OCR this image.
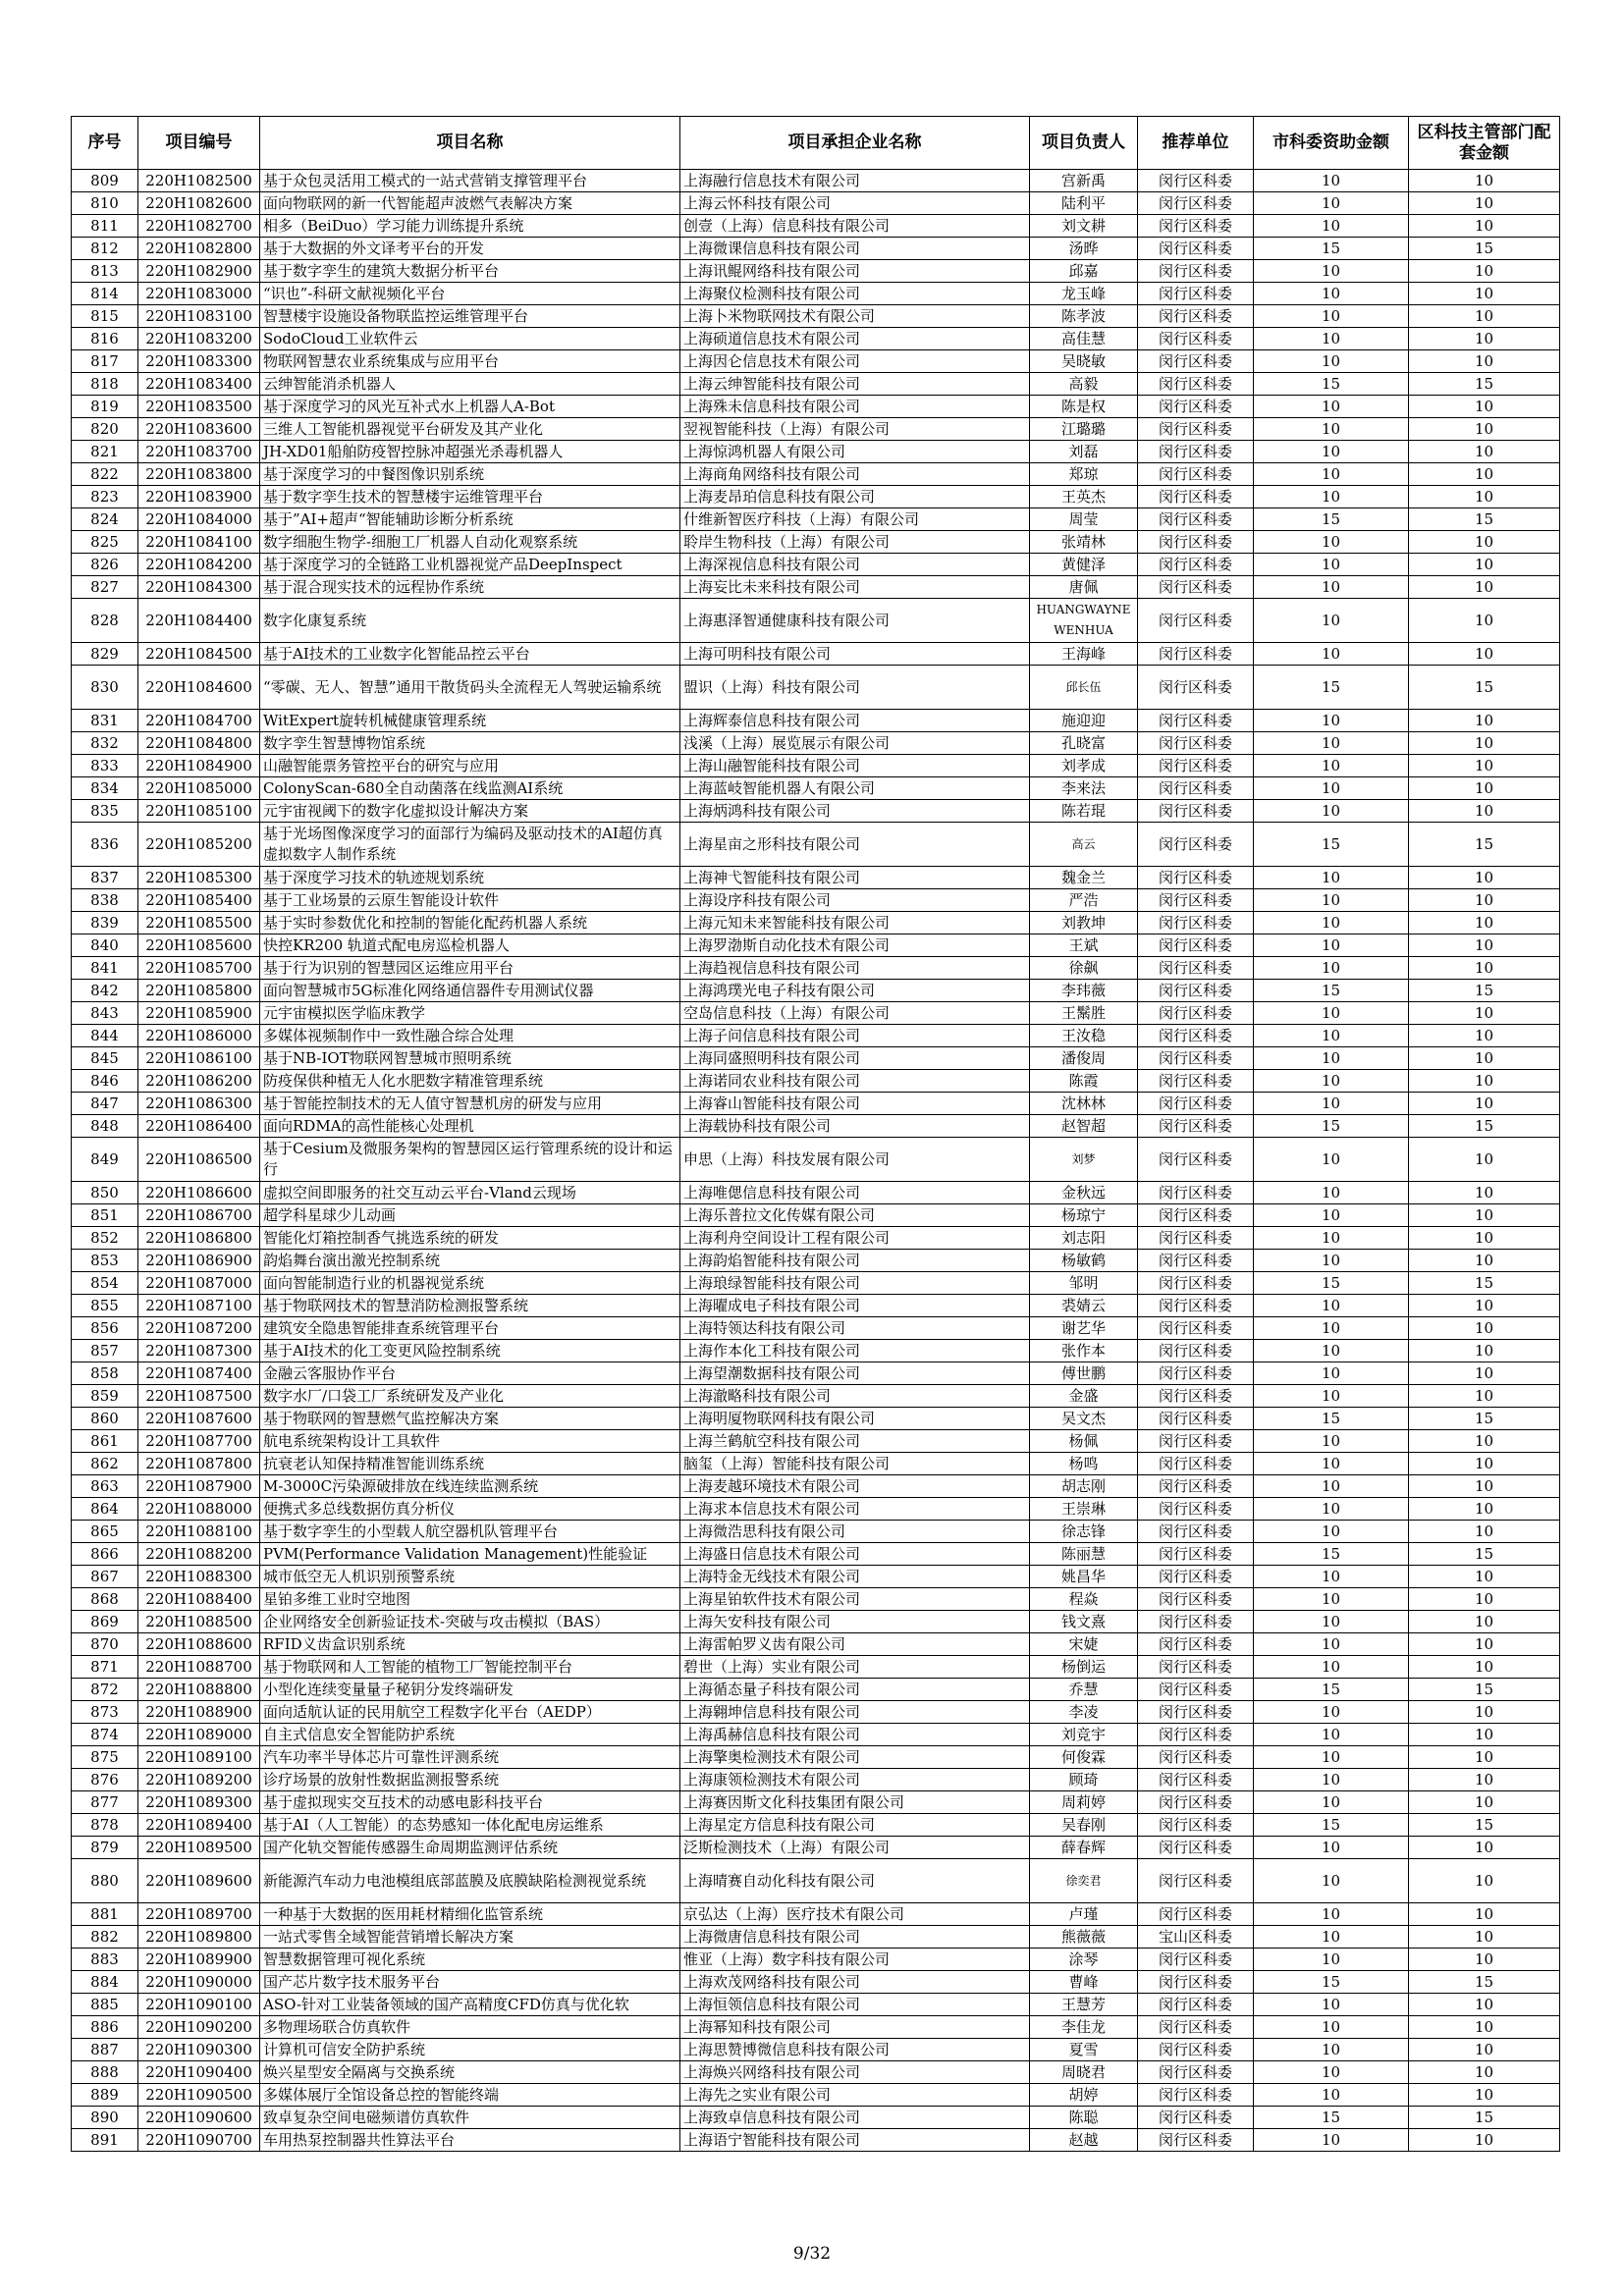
序号	项目编号	项目名称	项目承担企业名称	项目负责人	推荐单位	市科委资助金额	区科技主管部门配套金额
809	220H1082500	基于众包灵活用工模式的一站式营销支撑管理平台	上海融行信息技术有限公司	宫新禹	闵行区科委	10	10
810	220H1082600	面向物联网的新一代智能超声波燃气表解决方案	上海云怀科技有限公司	陆利平	闵行区科委	10	10
811	220H1082700	相多（BeiDuo）学习能力训练提升系统	创壹（上海）信息科技有限公司	刘文耕	闵行区科委	10	10
812	220H1082800	基于大数据的外文译考平台的开发	上海微课信息科技有限公司	汤晔	闵行区科委	15	15
813	220H1082900	基于数字孪生的建筑大数据分析平台	上海讯鲲网络科技有限公司	邱嘉	闵行区科委	10	10
814	220H1083000	“识也”-科研文献视频化平台	上海聚仪检测科技有限公司	龙玉峰	闵行区科委	10	10
815	220H1083100	智慧楼宇设施设备物联监控运维管理平台	上海卜米物联网技术有限公司	陈孝波	闵行区科委	10	10
816	220H1083200	SodoCloud工业软件云	上海硕道信息技术有限公司	高佳慧	闵行区科委	10	10
817	220H1083300	物联网智慧农业系统集成与应用平台	上海因仑信息技术有限公司	吴晓敏	闵行区科委	10	10
818	220H1083400	云绅智能消杀机器人	上海云绅智能科技有限公司	高毅	闵行区科委	15	15
819	220H1083500	基于深度学习的风光互补式水上机器人A-Bot	上海殊未信息科技有限公司	陈是权	闵行区科委	10	10
820	220H1083600	三维人工智能机器视觉平台研发及其产业化	翌视智能科技（上海）有限公司	江璐璐	闵行区科委	10	10
821	220H1083700	JH-XD01船舶防疫智控脉冲超强光杀毒机器人	上海惊鸿机器人有限公司	刘磊	闵行区科委	10	10
822	220H1083800	基于深度学习的中餐图像识别系统	上海商角网络科技有限公司	郑琼	闵行区科委	10	10
823	220H1083900	基于数字孪生技术的智慧楼宇运维管理平台	上海麦昂珀信息科技有限公司	王英杰	闵行区科委	10	10
824	220H1084000	基于”AI+超声“智能辅助诊断分析系统	什维新智医疗科技（上海）有限公司	周莹	闵行区科委	15	15
825	220H1084100	数字细胞生物学-细胞工厂机器人自动化观察系统	聆岸生物科技（上海）有限公司	张靖林	闵行区科委	10	10
826	220H1084200	基于深度学习的全链路工业机器视觉产品DeepInspect	上海深视信息科技有限公司	黄健泽	闵行区科委	10	10
827	220H1084300	基于混合现实技术的远程协作系统	上海妄比未来科技有限公司	唐佩	闵行区科委	10	10
828	220H1084400	数字化康复系统	上海惠泽智通健康科技有限公司	HUANGWAYNEWENHUA	闵行区科委	10	10
829	220H1084500	基于AI技术的工业数字化智能品控云平台	上海可明科技有限公司	王海峰	闵行区科委	10	10
830	220H1084600	“零碳、无人、智慧”通用干散货码头全流程无人驾驶运输系统	盟识（上海）科技有限公司	邱长伍	闵行区科委	15	15
831	220H1084700	WitExpert旋转机械健康管理系统	上海辉泰信息科技有限公司	施迎迎	闵行区科委	10	10
832	220H1084800	数字孪生智慧博物馆系统	浅溪（上海）展览展示有限公司	孔晓富	闵行区科委	10	10
833	220H1084900	山融智能票务管控平台的研究与应用	上海山融智能科技有限公司	刘孝成	闵行区科委	10	10
834	220H1085000	ColonyScan-680全自动菌落在线监测AI系统	上海蓝岐智能机器人有限公司	李来法	闵行区科委	10	10
835	220H1085100	元宇宙视阈下的数字化虚拟设计解决方案	上海炳鸿科技有限公司	陈若琨	闵行区科委	10	10
836	220H1085200	基于光场图像深度学习的面部行为编码及驱动技术的AI超仿真虚拟数字人制作系统	上海星亩之形科技有限公司	高云	闵行区科委	15	15
837	220H1085300	基于深度学习技术的轨迹规划系统	上海神弋智能科技有限公司	魏金兰	闵行区科委	10	10
838	220H1085400	基于工业场景的云原生智能设计软件	上海设序科技有限公司	严浩	闵行区科委	10	10
839	220H1085500	基于实时参数优化和控制的智能化配药机器人系统	上海元知未来智能科技有限公司	刘教坤	闵行区科委	10	10
840	220H1085600	快控KR200 轨道式配电房巡检机器人	上海罗渤斯自动化技术有限公司	王斌	闵行区科委	10	10
841	220H1085700	基于行为识别的智慧园区运维应用平台	上海趋视信息科技有限公司	徐飙	闵行区科委	10	10
842	220H1085800	面向智慧城市5G标准化网络通信器件专用测试仪器	上海鸿璞光电子科技有限公司	李玮薇	闵行区科委	15	15
843	220H1085900	元宇宙模拟医学临床教学	空岛信息科技（上海）有限公司	王鬗胜	闵行区科委	10	10
844	220H1086000	多媒体视频制作中一致性融合综合处理	上海子问信息科技有限公司	王汝稳	闵行区科委	10	10
845	220H1086100	基于NB-IOT物联网智慧城市照明系统	上海同盛照明科技有限公司	潘俊周	闵行区科委	10	10
846	220H1086200	防疫保供种植无人化水肥数字精准管理系统	上海诺同农业科技有限公司	陈霞	闵行区科委	10	10
847	220H1086300	基于智能控制技术的无人值守智慧机房的研发与应用	上海睿山智能科技有限公司	沈林林	闵行区科委	10	10
848	220H1086400	面向RDMA的高性能核心处理机	上海载协科技有限公司	赵智超	闵行区科委	15	15
849	220H1086500	基于Cesium及微服务架构的智慧园区运行管理系统的设计和运行	申思（上海）科技发展有限公司	刘梦	闵行区科委	10	10
850	220H1086600	虚拟空间即服务的社交互动云平台-Vland云现场	上海唯偲信息科技有限公司	金秋远	闵行区科委	10	10
851	220H1086700	超学科星球少儿动画	上海乐普拉文化传媒有限公司	杨琼宁	闵行区科委	10	10
852	220H1086800	智能化灯箱控制香气挑选系统的研发	上海利舟空间设计工程有限公司	刘志阳	闵行区科委	10	10
853	220H1086900	韵焰舞台演出激光控制系统	上海韵焰智能科技有限公司	杨敏鹤	闵行区科委	10	10
854	220H1087000	面向智能制造行业的机器视觉系统	上海琅绿智能科技有限公司	邹明	闵行区科委	15	15
855	220H1087100	基于物联网技术的智慧消防检测报警系统	上海曜成电子科技有限公司	裘婧云	闵行区科委	10	10
856	220H1087200	建筑安全隐患智能排查系统管理平台	上海特领达科技有限公司	谢艺华	闵行区科委	10	10
857	220H1087300	基于AI技术的化工变更风险控制系统	上海作本化工科技有限公司	张作本	闵行区科委	10	10
858	220H1087400	金融云客服协作平台	上海望潮数据科技有限公司	傅世鹏	闵行区科委	10	10
859	220H1087500	数字水厂/口袋工厂系统研发及产业化	上海澈略科技有限公司	金盛	闵行区科委	10	10
860	220H1087600	基于物联网的智慧燃气监控解决方案	上海明厦物联网科技有限公司	吴文杰	闵行区科委	15	15
861	220H1087700	航电系统架构设计工具软件	上海兰鹤航空科技有限公司	杨佩	闵行区科委	10	10
862	220H1087800	抗衰老认知保持精准智能训练系统	脑玺（上海）智能科技有限公司	杨鸣	闵行区科委	10	10
863	220H1087900	M-3000C污染源破排放在线连续监测系统	上海麦越环境技术有限公司	胡志刚	闵行区科委	10	10
864	220H1088000	便携式多总线数据仿真分析仪	上海求本信息技术有限公司	王崇琳	闵行区科委	10	10
865	220H1088100	基于数字孪生的小型载人航空器机队管理平台	上海微浩思科技有限公司	徐志锋	闵行区科委	10	10
866	220H1088200	PVM(Performance Validation Management)性能验证	上海盛日信息技术有限公司	陈丽慧	闵行区科委	15	15
867	220H1088300	城市低空无人机识别预警系统	上海特金无线技术有限公司	姚昌华	闵行区科委	10	10
868	220H1088400	星铂多维工业时空地图	上海星铂软件技术有限公司	程焱	闵行区科委	10	10
869	220H1088500	企业网络安全创新验证技术-突破与攻击模拟（BAS）	上海矢安科技有限公司	钱文熹	闵行区科委	10	10
870	220H1088600	RFID义齿盒识别系统	上海雷帕罗义齿有限公司	宋婕	闵行区科委	10	10
871	220H1088700	基于物联网和人工智能的植物工厂智能控制平台	碧世（上海）实业有限公司	杨倒运	闵行区科委	10	10
872	220H1088800	小型化连续变量量子秘钥分发终端研发	上海循态量子科技有限公司	乔慧	闵行区科委	15	15
873	220H1088900	面向适航认证的民用航空工程数字化平台（AEDP）	上海翱坤信息科技有限公司	李凌	闵行区科委	10	10
874	220H1089000	自主式信息安全智能防护系统	上海禹赫信息科技有限公司	刘竞宇	闵行区科委	10	10
875	220H1089100	汽车功率半导体芯片可靠性评测系统	上海擎奥检测技术有限公司	何俊霖	闵行区科委	10	10
876	220H1089200	诊疗场景的放射性数据监测报警系统	上海康领检测技术有限公司	顾琦	闵行区科委	10	10
877	220H1089300	基于虚拟现实交互技术的动感电影科技平台	上海赛因斯文化科技集团有限公司	周莉婷	闵行区科委	10	10
878	220H1089400	基于AI（人工智能）的态势感知一体化配电房运维系	上海星定方信息科技有限公司	吴春刚	闵行区科委	15	15
879	220H1089500	国产化轨交智能传感器生命周期监测评估系统	泛斯检测技术（上海）有限公司	薛春辉	闵行区科委	10	10
880	220H1089600	新能源汽车动力电池模组底部蓝膜及底膜缺陷检测视觉系统	上海晴赛自动化科技有限公司	徐奕君	闵行区科委	10	10
881	220H1089700	一种基于大数据的医用耗材精细化监管系统	京弘达（上海）医疗技术有限公司	卢瑾	闵行区科委	10	10
882	220H1089800	一站式零售全域智能营销增长解决方案	上海微唐信息科技有限公司	熊薇薇	宝山区科委	10	10
883	220H1089900	智慧数据管理可视化系统	惟亚（上海）数字科技有限公司	涂琴	闵行区科委	10	10
884	220H1090000	国产芯片数字技术服务平台	上海欢茂网络科技有限公司	曹峰	闵行区科委	15	15
885	220H1090100	ASO-针对工业装备领域的国产高精度CFD仿真与优化软	上海恒领信息科技有限公司	王慧芳	闵行区科委	10	10
886	220H1090200	多物理场联合仿真软件	上海幂知科技有限公司	李佳龙	闵行区科委	10	10
887	220H1090300	计算机可信安全防护系统	上海思赞博微信息科技有限公司	夏雪	闵行区科委	10	10
888	220H1090400	焕兴星型安全隔离与交换系统	上海焕兴网络科技有限公司	周晓君	闵行区科委	10	10
889	220H1090500	多媒体展厅全馆设备总控的智能终端	上海先之实业有限公司	胡婷	闵行区科委	10	10
890	220H1090600	致卓复杂空间电磁频谱仿真软件	上海致卓信息科技有限公司	陈聪	闵行区科委	15	15
891	220H1090700	车用热泵控制器共性算法平台	上海语宁智能科技有限公司	赵越	闵行区科委	10	10
9/32
